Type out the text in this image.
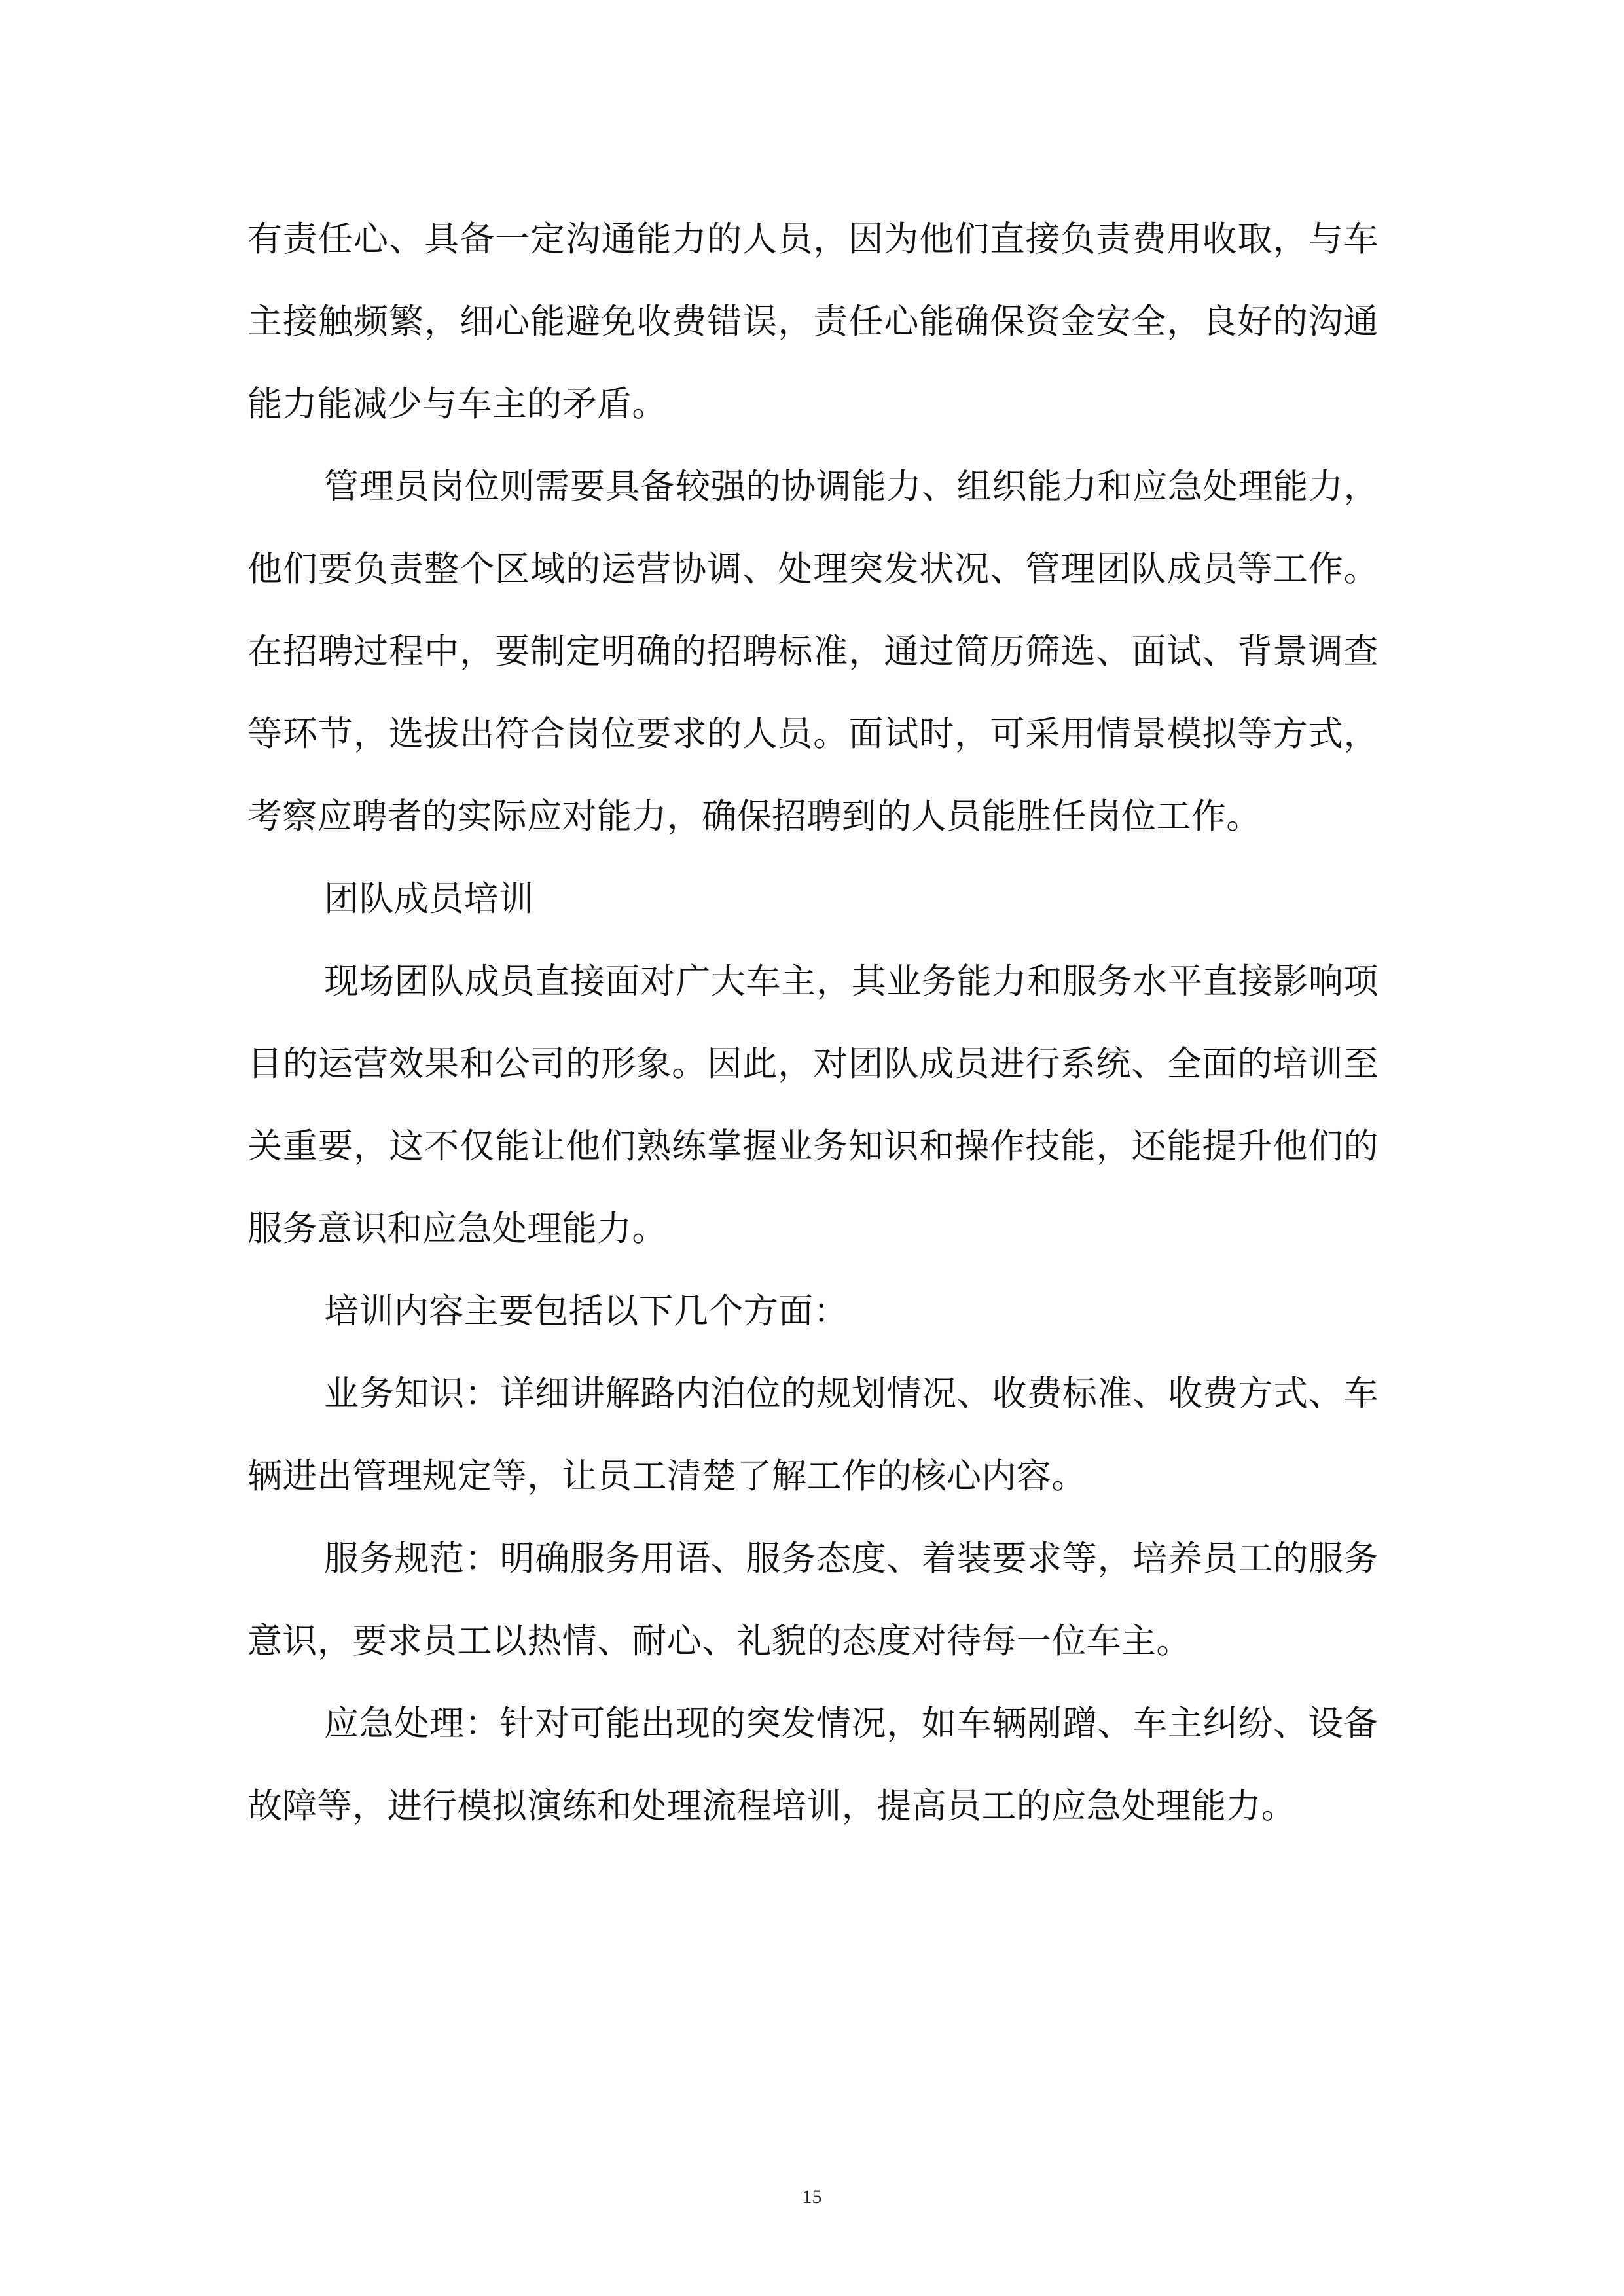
有责任心、具备一定沟通能力的人员，因为他们直接负责费用收取，与车主接触频繁，细心能避免收费错误，责任心能确保资金安全，良好的沟通能力能减少与车主的矛盾。

管理员岗位则需要具备较强的协调能力、组织能力和应急处理能力，他们要负责整个区域的运营协调、处理突发状况、管理团队成员等工作。在招聘过程中，要制定明确的招聘标准，通过简历筛选、面试、背景调查等环节，选拔出符合岗位要求的人员。面试时，可采用情景模拟等方式，考察应聘者的实际应对能力，确保招聘到的人员能胜任岗位工作。

团队成员培训

现场团队成员直接面对广大车主，其业务能力和服务水平直接影响项目的运营效果和公司的形象。因此，对团队成员进行系统、全面的培训至关重要，这不仅能让他们熟练掌握业务知识和操作技能，还能提升他们的服务意识和应急处理能力。

培训内容主要包括以下几个方面：

业务知识：详细讲解路内泊位的规划情况、收费标准、收费方式、车辆进出管理规定等，让员工清楚了解工作的核心内容。

服务规范：明确服务用语、服务态度、着装要求等，培养员工的服务意识，要求员工以热情、耐心、礼貌的态度对待每一位车主。

应急处理：针对可能出现的突发情况，如车辆剐蹭、车主纠纷、设备故障等，进行模拟演练和处理流程培训，提高员工的应急处理能力。

15
